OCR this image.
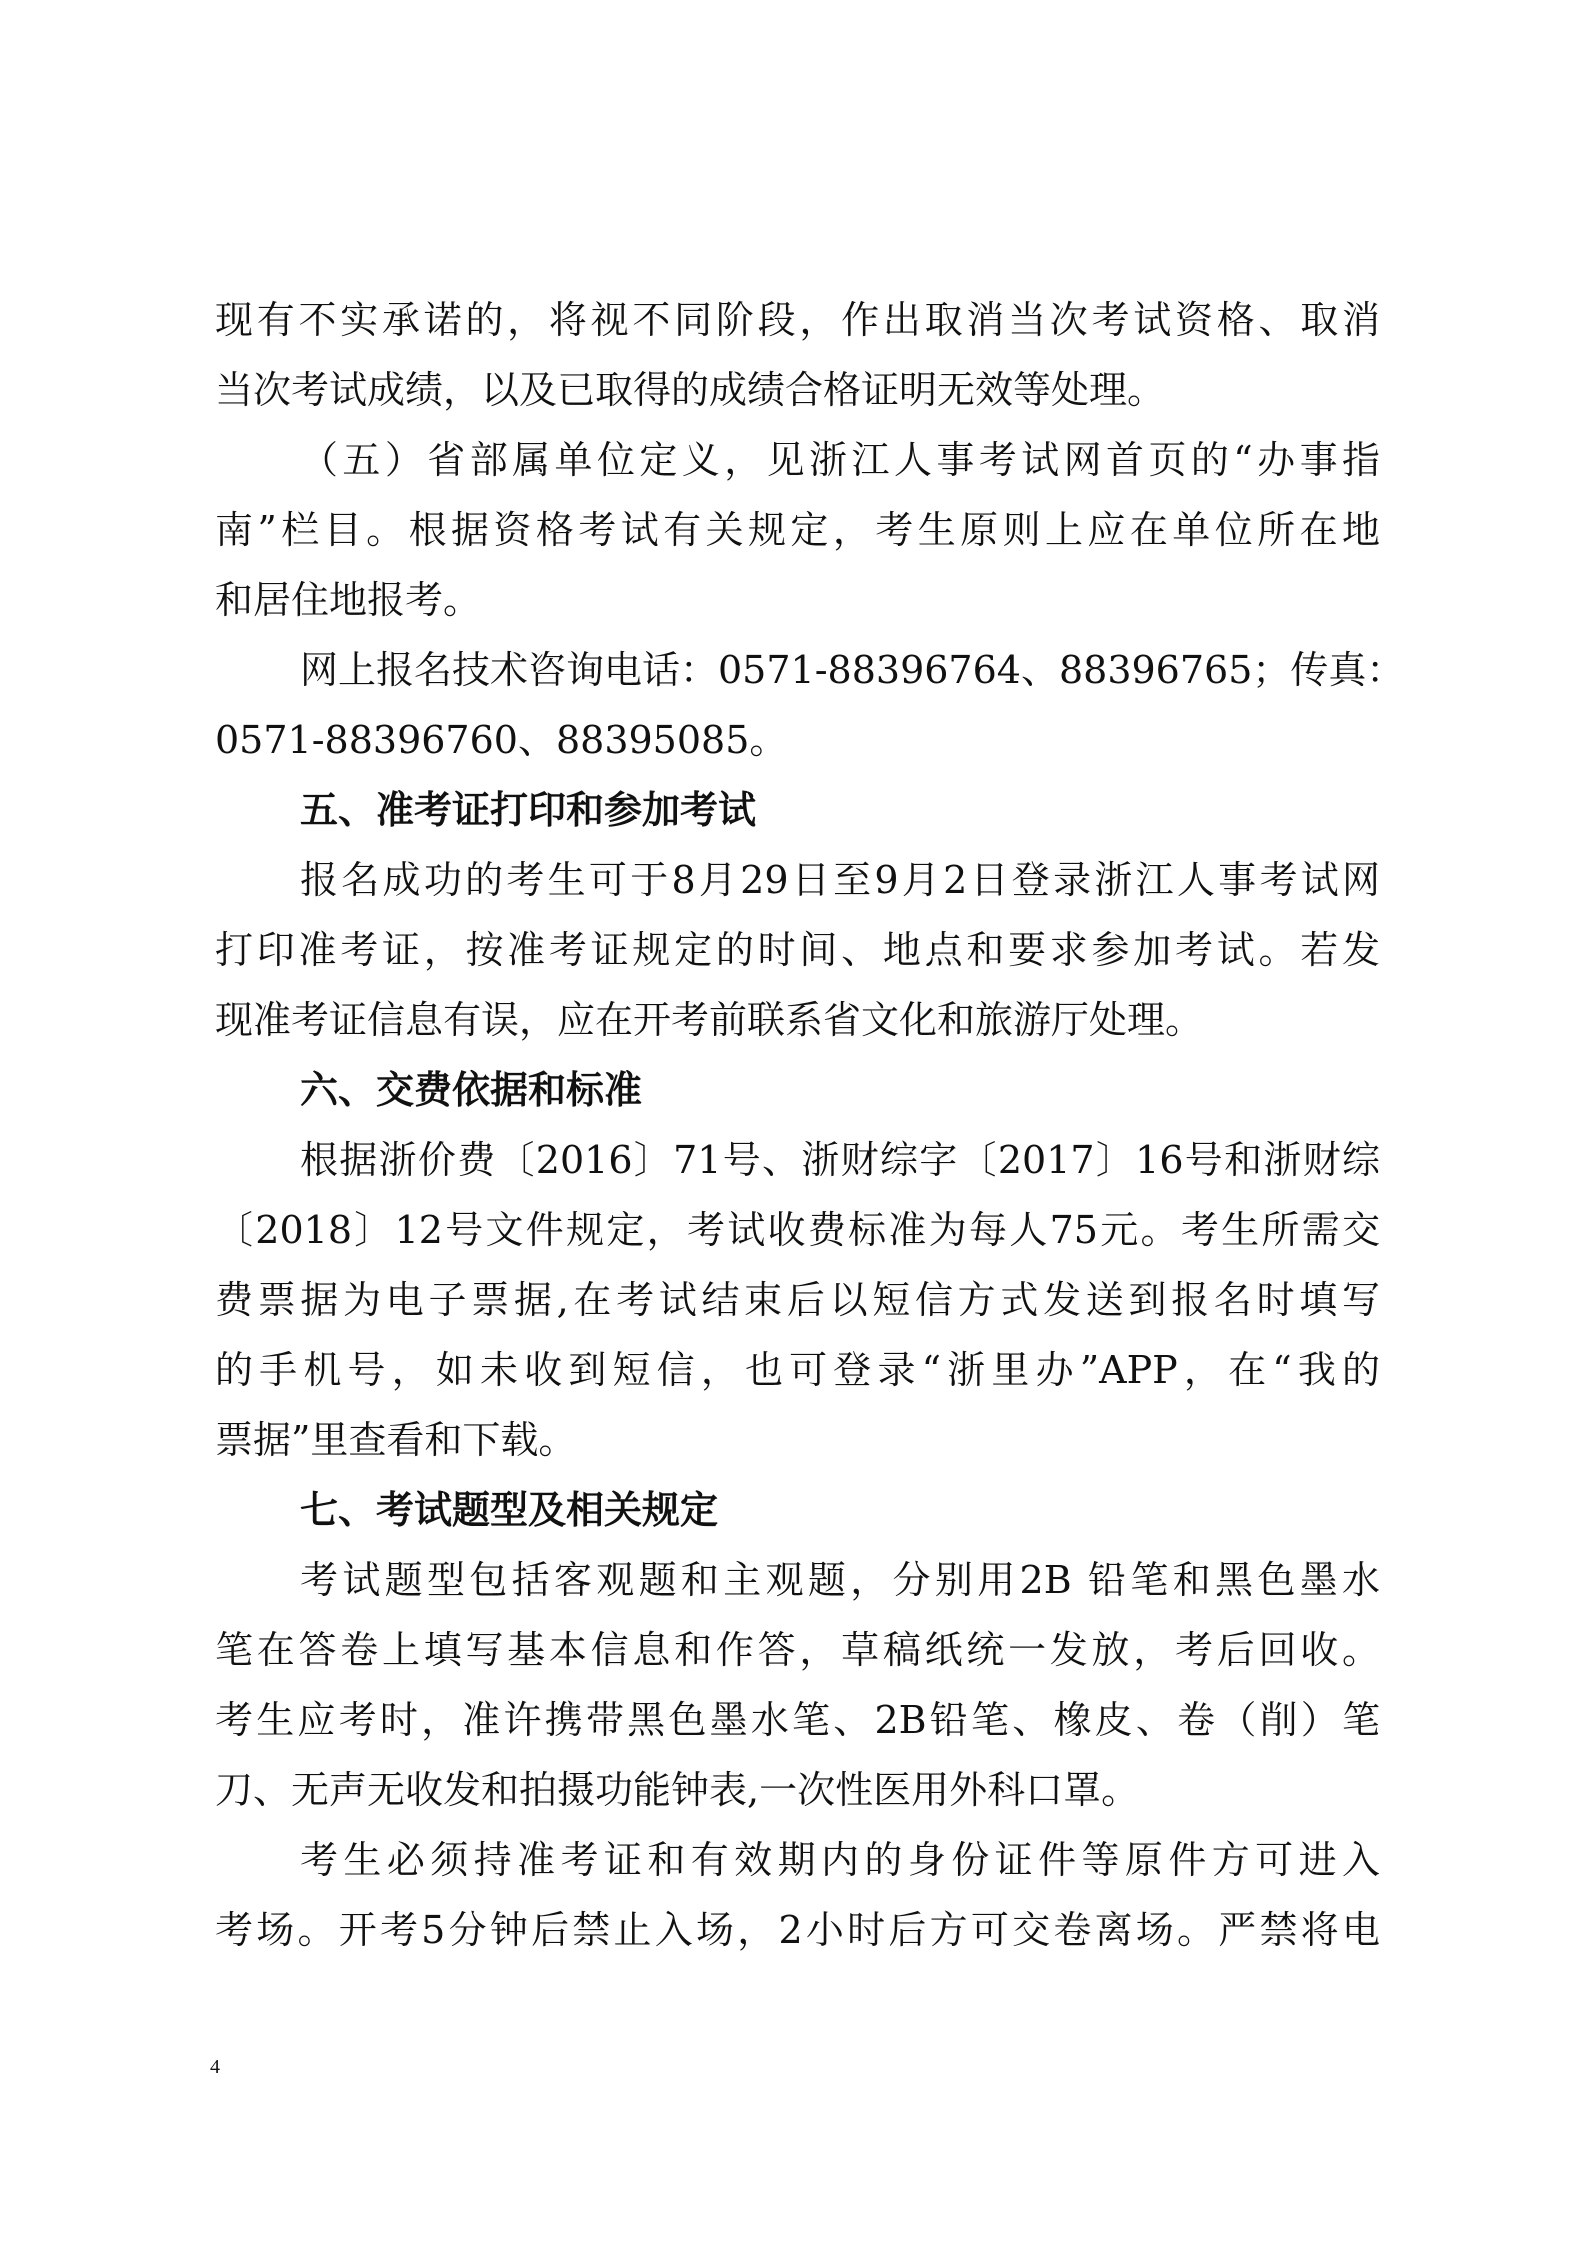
现有不实承诺的，将视不同阶段，作出取消当次考试资格、取消
当次考试成绩，以及已取得的成绩合格证明无效等处理。
（五）省部属单位定义，见浙江人事考试网首页的“办事指
南”栏目。根据资格考试有关规定，考生原则上应在单位所在地
和居住地报考。
网上报名技术咨询电话：0571-88396764、88396765；传真：
0571-88396760、88395085。
五、准考证打印和参加考试
报名成功的考生可于8月29日至9月2日登录浙江人事考试网
打印准考证，按准考证规定的时间、地点和要求参加考试。若发
现准考证信息有误，应在开考前联系省文化和旅游厅处理。
六、交费依据和标准
根据浙价费〔2016〕71号、浙财综字〔2017〕16号和浙财综
〔2018〕12号文件规定，考试收费标准为每人75元。考生所需交
费票据为电子票据,在考试结束后以短信方式发送到报名时填写
的手机号，如未收到短信，也可登录“浙里办”APP，在“我的
票据”里查看和下载。
七、考试题型及相关规定
考试题型包括客观题和主观题，分别用2B 铅笔和黑色墨水
笔在答卷上填写基本信息和作答，草稿纸统一发放，考后回收。
考生应考时，准许携带黑色墨水笔、2B铅笔、橡皮、卷（削）笔
刀、无声无收发和拍摄功能钟表,一次性医用外科口罩。
考生必须持准考证和有效期内的身份证件等原件方可进入
考场。开考5分钟后禁止入场，2小时后方可交卷离场。严禁将电
4
